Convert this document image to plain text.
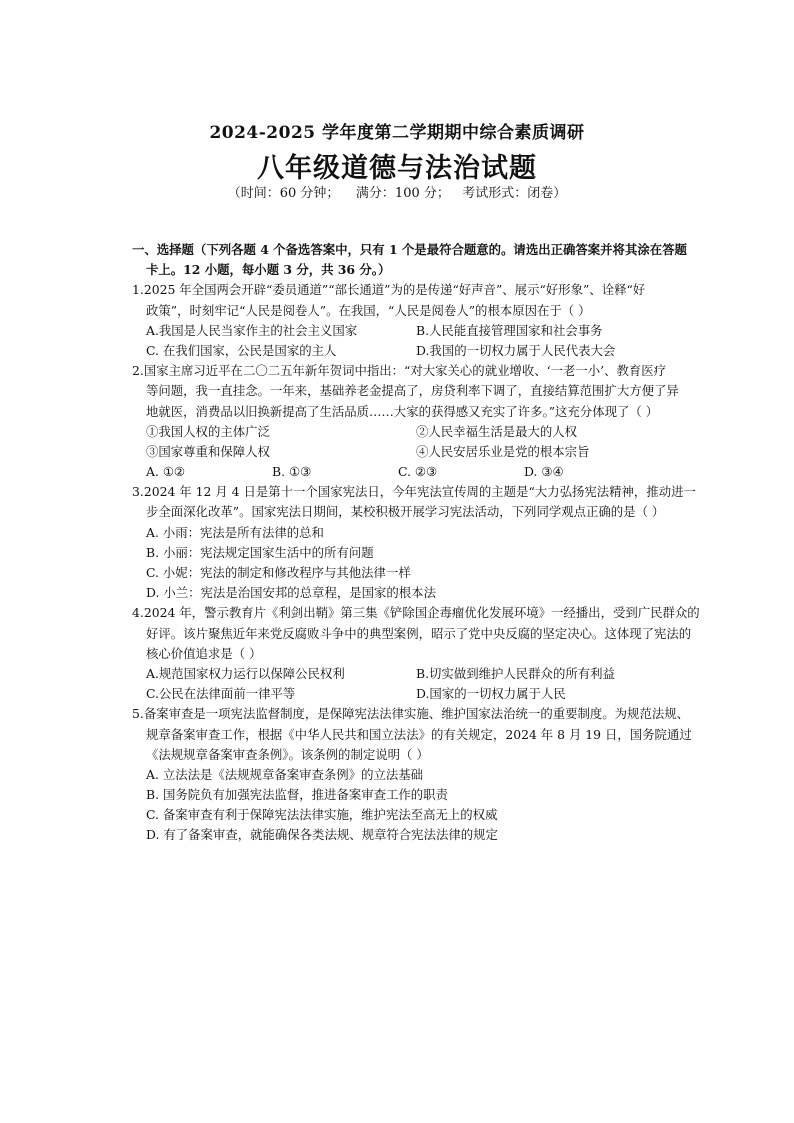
2024-2025 学年度第二学期期中综合素质调研
八年级道德与法治试题
（时间：60 分钟；    满分：100 分；   考试形式：闭卷）
一、选择题（下列各题 4 个备选答案中，只有 1 个是最符合题意的。请选出正确答案并将其涂在答题
卡上。12 小题，每小题 3 分，共 36 分。）
1.2025 年全国两会开辟“委员通道”“部长通道”为的是传递“好声音”、展示“好形象”、诠释“好
政策”，时刻牢记“人民是阅卷人”。在我国，“人民是阅卷人”的根本原因在于（ ）
A.我国是人民当家作主的社会主义国家	B.人民能直接管理国家和社会事务
C. 在我们国家，公民是国家的主人	D.我国的一切权力属于人民代表大会
2.国家主席习近平在二〇二五年新年贺词中指出：“对大家关心的就业增收、‘一老一小’、教育医疗
等问题，我一直挂念。一年来，基础养老金提高了，房贷利率下调了，直接结算范围扩大方便了异
地就医，消费品以旧换新提高了生活品质……大家的获得感又充实了许多。”这充分体现了（ ）
①我国人权的主体广泛	②人民幸福生活是最大的人权
③国家尊重和保障人权	④人民安居乐业是党的根本宗旨
A. ①②	B. ①③	C. ②③	D. ③④
3.2024 年 12 月 4 日是第十一个国家宪法日，今年宪法宣传周的主题是“大力弘扬宪法精神，推动进一
步全面深化改革”。国家宪法日期间，某校积极开展学习宪法活动，下列同学观点正确的是（ ）
A. 小雨：宪法是所有法律的总和
B. 小丽：宪法规定国家生活中的所有问题
C. 小妮：宪法的制定和修改程序与其他法律一样
D. 小兰：宪法是治国安邦的总章程，是国家的根本法
4.2024 年，警示教育片《利剑出鞘》第三集《铲除国企毒瘤优化发展环境》一经播出，受到广民群众的
好评。该片聚焦近年来党反腐败斗争中的典型案例，昭示了党中央反腐的坚定决心。这体现了宪法的
核心价值追求是（ ）
A.规范国家权力运行以保障公民权利	B.切实做到维护人民群众的所有利益
C.公民在法律面前一律平等	D.国家的一切权力属于人民
5.备案审查是一项宪法监督制度，是保障宪法法律实施、维护国家法治统一的重要制度。为规范法规、
规章备案审查工作，根据《中华人民共和国立法法》的有关规定，2024 年 8 月 19 日，国务院通过
《法规规章备案审查条例》。该条例的制定说明（ ）
A. 立法法是《法规规章备案审查条例》的立法基础
B. 国务院负有加强宪法监督，推进备案审查工作的职责
C. 备案审查有利于保障宪法法律实施，维护宪法至高无上的权威
D. 有了备案审查，就能确保各类法规、规章符合宪法法律的规定
